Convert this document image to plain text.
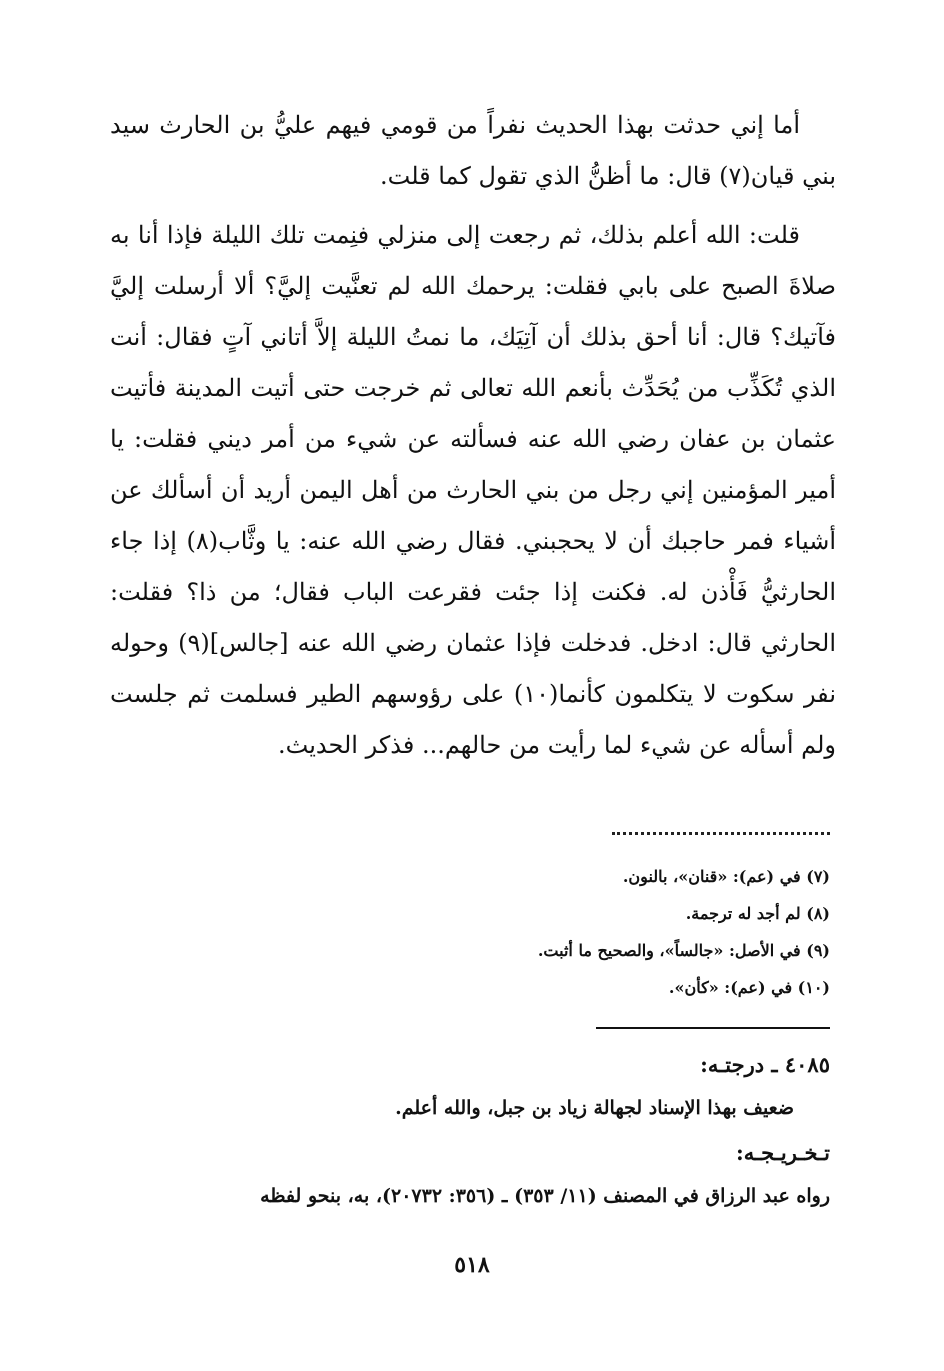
أما إني حدثت بهذا الحديث نفراً من قومي فيهم عليُّ بن الحارث سيد بني قيان(٧) قال: ما أظنُّ الذي تقول كما قلت.

قلت: الله أعلم بذلك، ثم رجعت إلى منزلي فنِمت تلك الليلة فإذا أنا به صلاةَ الصبح على بابي فقلت: يرحمك الله لم تعنَّيت إليَّ؟ ألا أرسلت إليَّ فآتيك؟ قال: أنا أحق بذلك أن آتِيَك، ما نمتُ الليلة إلاَّ أتاني آتٍ فقال: أنت الذي تُكَذِّب من يُحَدِّث بأنعم الله تعالى ثم خرجت حتى أتيت المدينة فأتيت عثمان بن عفان رضي الله عنه فسألته عن شيء من أمر ديني فقلت: يا أمير المؤمنين إني رجل من بني الحارث من أهل اليمن أريد أن أسألك عن أشياء فمر حاجبك أن لا يحجبني. فقال رضي الله عنه: يا وثَّاب(٨) إذا جاء الحارثيُّ فَأْذن له. فكنت إذا جئت فقرعت الباب فقال؛ من ذا؟ فقلت: الحارثي قال: ادخل. فدخلت فإذا عثمان رضي الله عنه [جالس](٩) وحوله نفر سكوت لا يتكلمون كأنما(١٠) على رؤوسهم الطير فسلمت ثم جلست ولم أسأله عن شيء لما رأيت من حالهم... فذكر الحديث.

(٧) في (عم): «قنان»، بالنون.

(٨) لم أجد له ترجمة.

(٩) في الأصل: «جالساً»، والصحيح ما أثبت.

(١٠) في (عم): «كأن».

٤٠٨٥ ـ درجتـه:
ضعيف بهذا الإسناد لجهالة زياد بن جبل، والله أعلم.
تـخـريـجـه:
رواه عبد الرزاق في المصنف (١١/ ٣٥٣) ـ (٣٥٦: ٢٠٧٣٢)، به، بنحو لفظه
٥١٨
